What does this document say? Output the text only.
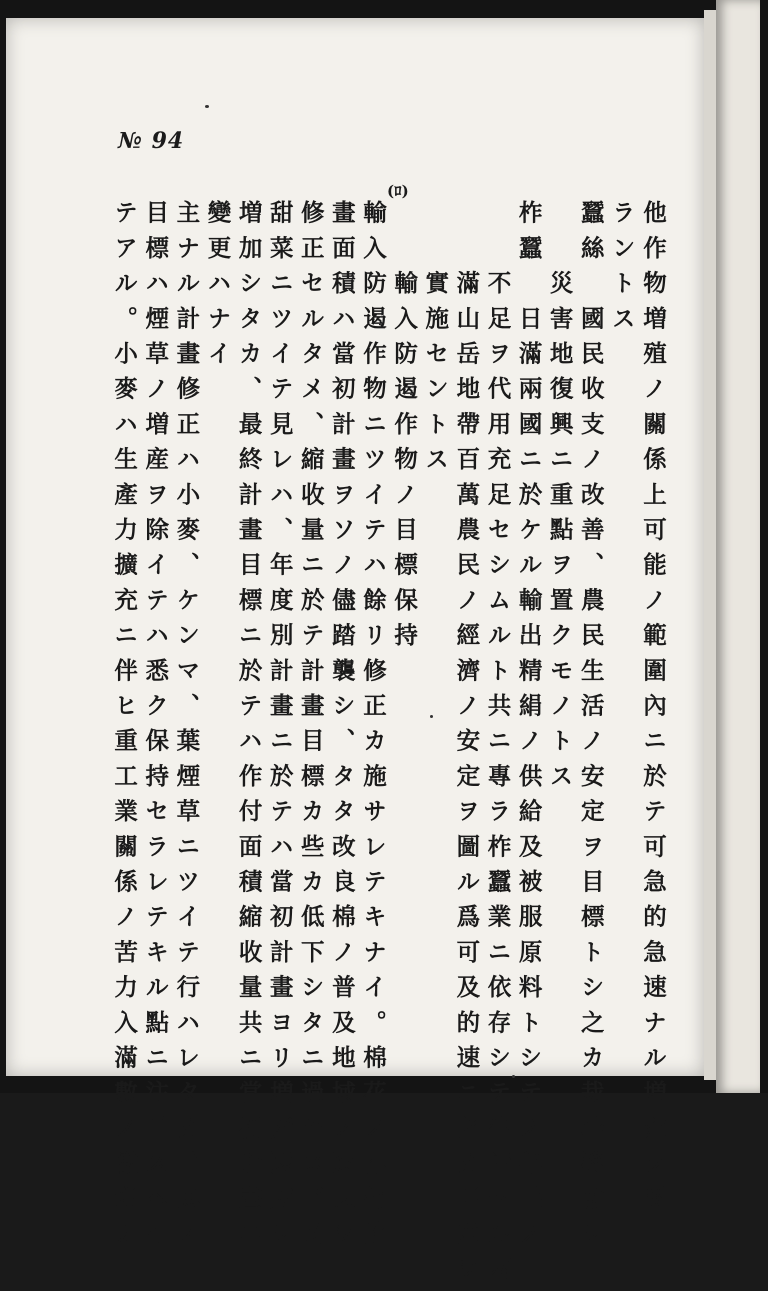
№ 94
(ﾛ)
他作物増殖ノ關係上可能ノ範圍內ニ於テ可急的急速ナル増殖ヲ圖
ラントス
蠶絲　國民收支ノ改善、農民生活ノ安定ヲ目標トシ之カ栽培獎勵ヲ
　　災害地復興ニ重點ヲ置クモノトス
柞蠶　日滿兩國ニ於ケル輸出精絹ノ供給及被服原料トシテノ羊毛ノ
　　不足ヲ代用充足セシムルト共ニ專ラ柞蠶業ニ依存シテ生活セル兩
　　滿山岳地帶百萬農民ノ經濟ノ安定ヲ圖ル爲可及的速ニ之カ増産ヲ
　　實施セントス
　　輸入防遏作物ノ目標保持
輸入防遏作物ニツイテハ餘リ修正カ施サレテキナイ。棉花ノ作付計
畫面積ハ當初計畫ヲソノ儘踏襲シ、タタ改良棉ノ普及地域ノ過大ヲ
修正セルタメ、縮收量ニ於テ計畫目標カ些カ低下シタニ過キヌ。又
甜菜ニツイテ見レハ、年度別計畫ニ於テハ當初計畫ヨリ増産速度ヲ
増加シタカ、最終計畫目標ニ於テハ作付面積縮收量共ニ當初計畫ニ
變更ハナイ
主ナル計畫修正ハ小麥、ケンマ、葉煙草ニツイテ行ハレタカ、其ノ
目標ハ煙草ノ増産ヲ除イテハ悉ク保持セラレテキル點ニ注目スヘキ
テアル。小麥ハ生產力擴充ニ伴ヒ重工業關係ノ苦力入滿數ノ激増カ
